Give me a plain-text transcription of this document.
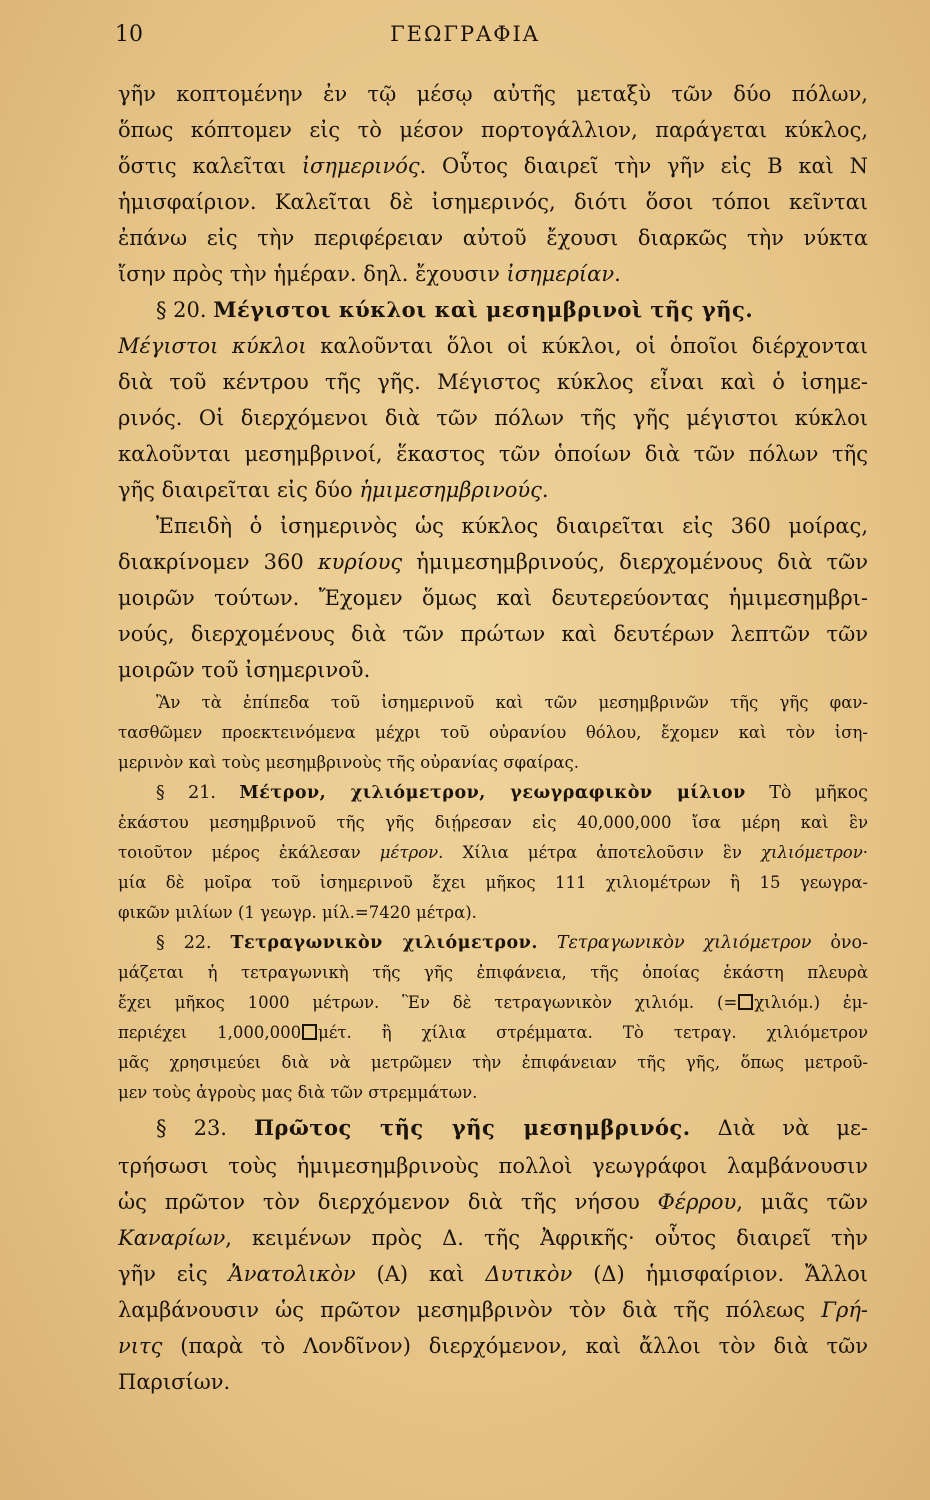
10	ΓΕΩΓΡΑΦΙΑ
γῆν κοπτομένην ἐν τῷ μέσῳ αὐτῆς μεταξὺ τῶν δύο πόλων,
ὅπως κόπτομεν εἰς τὸ μέσον πορτογάλλιον, παράγεται κύκλος,
ὅστις καλεῖται ἰσημερινός. Οὗτος διαιρεῖ τὴν γῆν εἰς Β καὶ Ν
ἡμισφαίριον. Καλεῖται δὲ ἰσημερινός, διότι ὅσοι τόποι κεῖνται
ἐπάνω εἰς τὴν περιφέρειαν αὐτοῦ ἔχουσι διαρκῶς τὴν νύκτα
ἴσην πρὸς τὴν ἡμέραν. δηλ. ἔχουσιν ἰσημερίαν.
§ 20. Μέγιστοι κύκλοι καὶ μεσημβρινοὶ τῆς γῆς.
Μέγιστοι κύκλοι καλοῦνται ὅλοι οἱ κύκλοι, οἱ ὁποῖοι διέρχονται
διὰ τοῦ κέντρου τῆς γῆς. Μέγιστος κύκλος εἶναι καὶ ὁ ἰσημε-
ρινός. Οἱ διερχόμενοι διὰ τῶν πόλων τῆς γῆς μέγιστοι κύκλοι
καλοῦνται μεσημβρινοί, ἕκαστος τῶν ὁποίων διὰ τῶν πόλων τῆς
γῆς διαιρεῖται εἰς δύο ἡμιμεσημβρινούς.
Ἐπειδὴ ὁ ἰσημερινὸς ὡς κύκλος διαιρεῖται εἰς 360 μοίρας,
διακρίνομεν 360 κυρίους ἡμιμεσημβρινούς, διερχομένους διὰ τῶν
μοιρῶν τούτων. Ἔχομεν ὅμως καὶ δευτερεύοντας ἡμιμεσημβρι-
νούς, διερχομένους διὰ τῶν πρώτων καὶ δευτέρων λεπτῶν τῶν
μοιρῶν τοῦ ἰσημερινοῦ.
Ἂν τὰ ἐπίπεδα τοῦ ἰσημερινοῦ καὶ τῶν μεσημβρινῶν τῆς γῆς φαν-
τασθῶμεν προεκτεινόμενα μέχρι τοῦ οὐρανίου θόλου, ἔχομεν καὶ τὸν ἰση-
μερινὸν καὶ τοὺς μεσημβρινοὺς τῆς οὐρανίας σφαίρας.
§ 21. Μέτρον, χιλιόμετρον, γεωγραφικὸν μίλιον Τὸ μῆκος
ἑκάστου μεσημβρινοῦ τῆς γῆς διῄρεσαν εἰς 40,000,000 ἴσα μέρη καὶ ἓν
τοιοῦτον μέρος ἐκάλεσαν μέτρον. Χίλια μέτρα ἀποτελοῦσιν ἓν χιλιόμετρον·
μία δὲ μοῖρα τοῦ ἰσημερινοῦ ἔχει μῆκος 111 χιλιομέτρων ἢ 15 γεωγρα-
φικῶν μιλίων (1 γεωγρ. μίλ.=7420 μέτρα).
§ 22. Τετραγωνικὸν χιλιόμετρον. Τετραγωνικὸν χιλιόμετρον ὀνο-
μάζεται ἡ τετραγωνικὴ τῆς γῆς ἐπιφάνεια, τῆς ὁποίας ἑκάστη πλευρὰ
ἔχει μῆκος 1000 μέτρων. Ἓν δὲ τετραγωνικὸν χιλιόμ. (= χιλιόμ.) ἐμ-
περιέχει 1,000,000 μέτ. ἢ χίλια στρέμματα. Τὸ τετραγ. χιλιόμετρον
μᾶς χρησιμεύει διὰ νὰ μετρῶμεν τὴν ἐπιφάνειαν τῆς γῆς, ὅπως μετροῦ-
μεν τοὺς ἀγροὺς μας διὰ τῶν στρεμμάτων.
§ 23. Πρῶτος τῆς γῆς μεσημβρινός. Διὰ νὰ με-
τρήσωσι τοὺς ἡμιμεσημβρινοὺς πολλοὶ γεωγράφοι λαμβάνουσιν
ὡς πρῶτον τὸν διερχόμενον διὰ τῆς νήσου Φέρρου, μιᾶς τῶν
Καναρίων, κειμένων πρὸς Δ. τῆς Ἀφρικῆς· οὗτος διαιρεῖ τὴν
γῆν εἰς Ἀνατολικὸν (Α) καὶ Δυτικὸν (Δ) ἡμισφαίριον. Ἄλλοι
λαμβάνουσιν ὡς πρῶτον μεσημβρινὸν τὸν διὰ τῆς πόλεως Γρή-
νιτς (παρὰ τὸ Λονδῖνον) διερχόμενον, καὶ ἄλλοι τὸν διὰ τῶν
Παρισίων.
